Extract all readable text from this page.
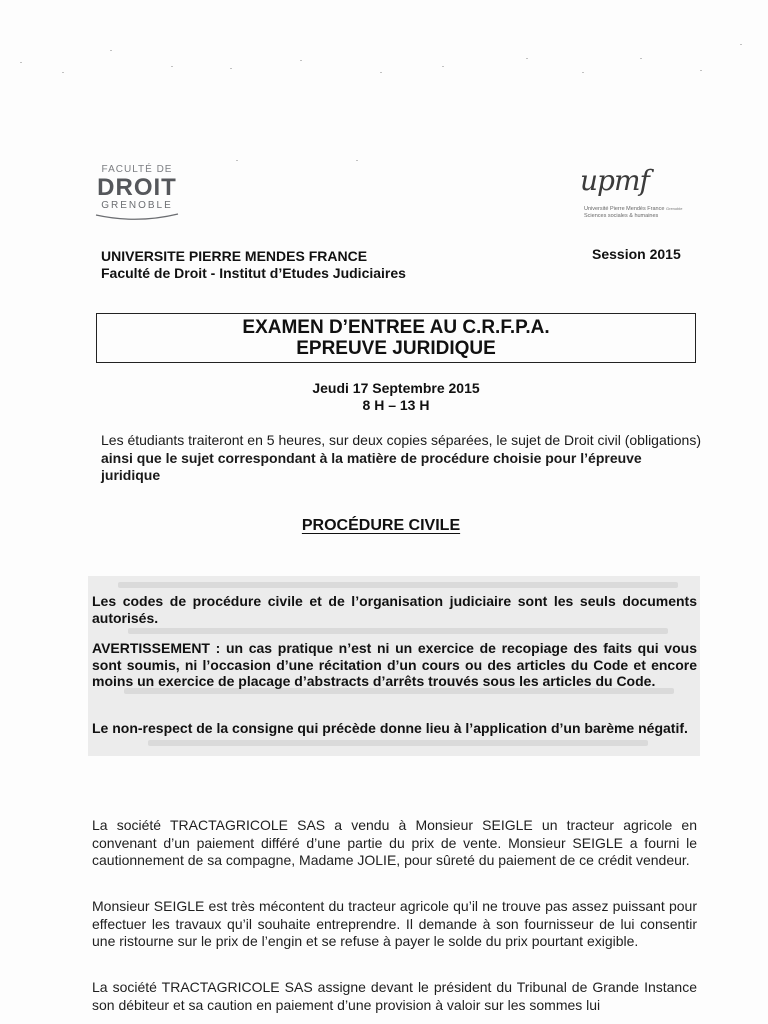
FACULTÉ DE
DROIT
GRENOBLE
upmf
Grenoble
Université Pierre Mendès France
Sciences sociales & humaines
UNIVERSITE PIERRE MENDES FRANCE
Faculté de Droit - Institut d’Etudes Judiciaires
Session 2015
EXAMEN D’ENTREE AU C.R.F.P.A.
EPREUVE JURIDIQUE
Jeudi 17 Septembre 2015
8 H – 13 H
Les étudiants traiteront en 5 heures, sur deux copies séparées, le sujet de Droit civil (obligations) ainsi que le sujet correspondant à la matière de procédure choisie pour l’épreuve juridique
PROCÉDURE CIVILE
Les codes de procédure civile et de l’organisation judiciaire sont les seuls documents autorisés.
AVERTISSEMENT : un cas pratique n’est ni un exercice de recopiage des faits qui vous sont soumis, ni l’occasion d’une récitation d’un cours ou des articles du Code et encore moins un exercice de placage d’abstracts d’arrêts trouvés sous les articles du Code.
Le non-respect de la consigne qui précède donne lieu à l’application d’un barème négatif.
La société TRACTAGRICOLE SAS a vendu à Monsieur SEIGLE un tracteur agricole en convenant d’un paiement différé d’une partie du prix de vente. Monsieur SEIGLE a fourni le cautionnement de sa compagne, Madame JOLIE, pour sûreté du paiement de ce crédit vendeur.
Monsieur SEIGLE est très mécontent du tracteur agricole qu’il ne trouve pas assez puissant pour effectuer les travaux qu’il souhaite entreprendre. Il demande à son fournisseur de lui consentir une ristourne sur le prix de l’engin et se refuse à payer le solde du prix pourtant exigible.
La société TRACTAGRICOLE SAS assigne devant le président du Tribunal de Grande Instance son débiteur et sa caution en paiement d’une provision à valoir sur les sommes lui
